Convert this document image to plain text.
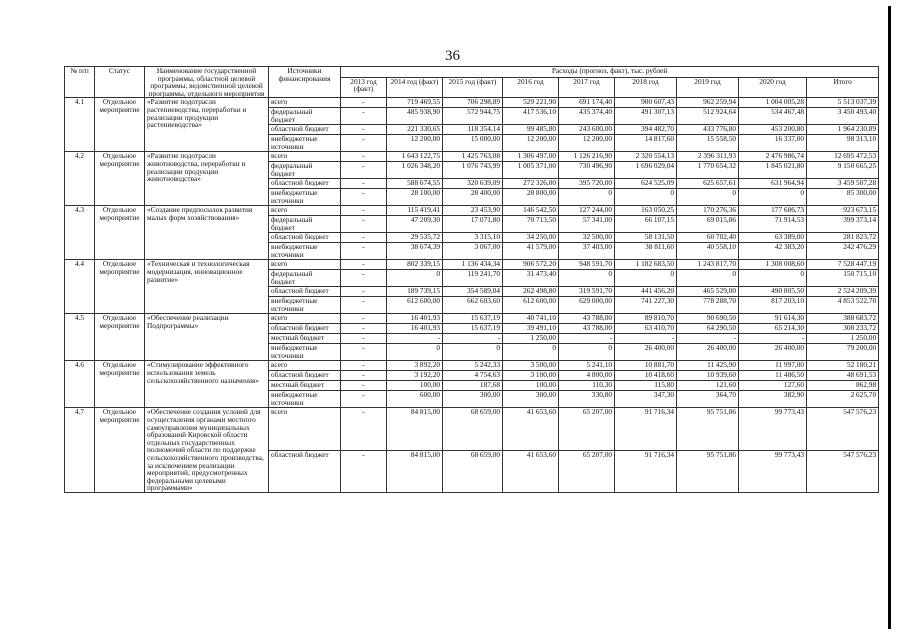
36
№ п/п	Статус	Наименование государственной программы, областной целевой программы, ведомственной целевой программы, отдельного мероприятия	Источники финансирования	Расходы (прогноз, факт), тыс. рублей								
				2013 год (факт)	2014 год (факт)	2015 год (факт)	2016 год	2017 год	2018 год	2019 год	2020 год	Итого
4.1	Отдельное мероприятие	«Развитие подотрасли растениеводства, переработки и реализации продукции растениеводства»	всего	-	719 469,55	706 298,89	529 221,90	691 174,40	900 607,43	962 259,94	1 004 005,28	5 513 037,39
			федеральный бюджет	-	485 938,90	572 944,75	417 536,10	435 374,40	491 307,13	512 924,64	534 467,48	3 450 493,40
			областной бюджет	-	221 330,65	118 354,14	99 485,80	243 600,00	394 482,70	433 776,80	453 200,80	1 964 230,89
			внебюджетные источники	-	12 200,00	15 000,00	12 200,00	12 200,00	14 817,60	15 558,50	16 337,00	98 313,10
4.2	Отдельное мероприятие	«Развитие подотрасли животноводства, переработки и реализации продукции животноводства»	всего	-	1 643 122,75	1 425 763,08	1 306 497,00	1 126 216,90	2 320 554,13	2 396 311,93	2 476 986,74	12 695 472,53
			федеральный бюджет	-	1 026 348,20	1 076 743,99	1 005 371,00	730 496,90	1 696 029,04	1 770 654,32	1 845 021,80	9 150 665,25
			областной бюджет	-	588 674,55	320 639,09	272 326,00	395 720,00	624 525,09	625 657,61	631 964,94	3 459 507,28
			внебюджетные источники	-	28 100,00	28 400,00	28 800,00	0	0	0	0	85 300,00
4.3	Отдельное мероприятие	«Создание предпосылок развития малых форм хозяйствования»	всего	-	115 419,41	23 453,90	146 542,50	127 244,00	163 050,25	170 276,36	177 686,73	923 673,15
			федеральный бюджет	-	47 209,30	17 071,80	70 713,50	57 341,00	66 107,15	69 015,86	71 914,53	399 373,14
			областной бюджет	-	29 535,72	3 315,10	34 250,00	32 500,00	58 131,50	60 702,40	63 389,00	281 823,72
			внебюджетные источники	-	38 674,39	3 067,00	41 579,00	37 403,00	38 811,60	40 558,10	42 383,20	242 476,29
4.4	Отдельное мероприятие	«Техническая и технологическая модернизация, инновационное развитие»	всего	-	802 339,15	1 136 434,34	906 572,20	948 591,70	1 182 683,50	1 243 817,70	1 308 008,60	7 528 447,19
			федеральный бюджет	-	0	119 241,70	31 473,40	0	0	0	0	150 715,10
			областной бюджет	-	189 739,15	354 589,04	262 498,80	319 591,70	441 456,20	465 529,00	490 805,50	2 524 209,39
			внебюджетные источники	-	612 600,00	662 603,60	612 600,00	629 000,00	741 227,30	778 288,70	817 203,10	4 853 522,70
4.5	Отдельное мероприятие	«Обеспечение реализации Подпрограммы»	всего	-	16 401,93	15 637,19	40 741,10	43 788,00	89 810,70	90 690,50	91 614,30	388 683,72
			областной бюджет	-	16 401,93	15 637,19	39 491,10	43 788,00	63 410,70	64 290,50	65 214,30	308 233,72
			местный бюджет	-	-	-	1 250,00	-	-	-	-	1 250,00
			внебюджетные источники	-	0	0	0	0	26 400,00	26 400,00	26 400,00	79 200,00
4.6	Отдельное мероприятие	«Стимулирование эффективного использования земель сельскохозяйственного назначения»	всего	-	3 892,20	5 242,33	3 500,00	5 241,10	10 881,70	11 425,90	11 997,00	52 180,21
			областной бюджет	-	3 192,20	4 754,63	3 100,00	4 800,00	10 418,60	10 939,60	11 486,50	48 691,53
			местный бюджет	-	100,00	187,68	100,00	110,30	115,80	121,60	127,60	862,98
			внебюджетные источники	-	600,00	300,00	300,00	330,80	347,30	364,70	382,90	2 625,70
4.7	Отдельное мероприятие	«Обеспечение создания условий для осуществления органами местного самоуправления муниципальных образований Кировской области отдельных государственных полномочий области по поддержке сельскохозяйственного производства, за исключением реализации мероприятий, предусмотренных федеральными целевыми программами»	всего	-	84 815,00	68 659,00	41 653,60	65 207,00	91 716,34	95 751,86	99 773,43	547 576,23
			областной бюджет	-	84 815,00	68 659,00	41 653,60	65 207,00	91 716,34	95 751,86	99 773,43	547 576,23
